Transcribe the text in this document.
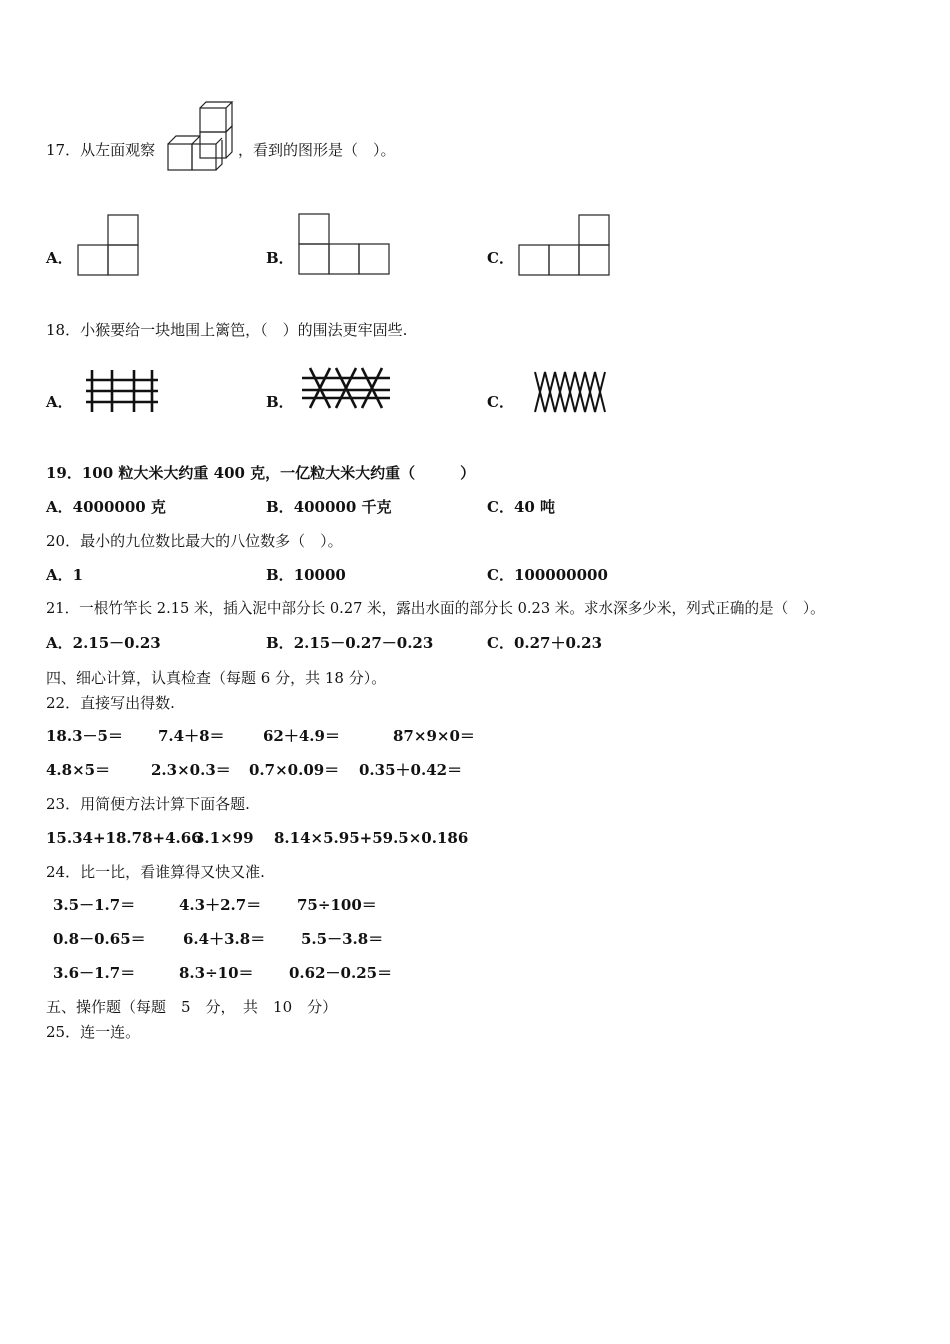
17．从左面观察	，看到的图形是（　）。
A．	B．	C．
18．小猴要给一块地围上篱笆，（　）的围法更牢固些.
A．	B．	C．
19．100 粒大米大约重 400 克，一亿粒大米大约重（　　　）
A．4000000 克	B．400000 千克	C．40 吨
20．最小的九位数比最大的八位数多（　）。
A．1	B．10000	C．100000000
21．一根竹竿长 2.15 米，插入泥中部分长 0.27 米，露出水面的部分长 0.23 米。求水深多少米，列式正确的是（　）。
A．2.15－0.23	B．2.15－0.27－0.23	C．0.27＋0.23
四、细心计算，认真检查（每题 6 分，共 18 分）。
22．直接写出得数.
18.3－5＝ 7.4＋8＝	62＋4.9＝	87×9×0＝
4.8×5＝	2.3×0.3＝ 0.7×0.09＝ 0.35＋0.42＝
23．用简便方法计算下面各题.
15.34+18.78+4.66
3.1×99 8.14×5.95+59.5×0.186
24．比一比，看谁算得又快又准.
3.5－1.7＝	4.3＋2.7＝ 75÷100＝
0.8－0.65＝ 6.4＋3.8＝ 5.5－3.8＝
3.6－1.7＝	8.3÷10＝ 0.62－0.25＝
五、操作题（每题　5　分，　共　10　分）
25．连一连。
